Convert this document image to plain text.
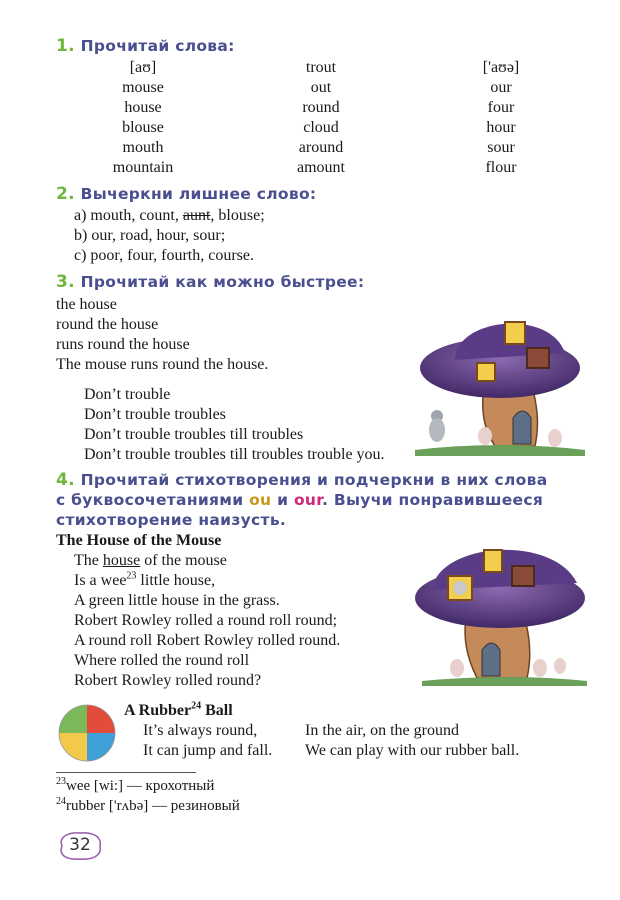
1. Прочитай слова:
[aʊ]
mouse
house
blouse
mouth
mountain
trout
out
round
cloud
around
amount
['aʊə]
our
four
hour
sour
flour
2. Вычеркни лишнее слово:
a) mouth, count, aunt, blouse;
b) our, road, hour, sour;
c) poor, four, fourth, course.
3. Прочитай как можно быстрее:
the house
round the house
runs round the house
The mouse runs round the house.
Don’t trouble
Don’t trouble troubles
Don’t trouble troubles till troubles
Don’t trouble troubles till troubles trouble you.
4. Прочитай стихотворения и подчеркни в них слова
с буквосочетаниями ou и our. Выучи понравившееся
стихотворение наизусть.
The House of the Mouse
The house of the mouse
Is a wee$^{23}$ little house,
A green little house in the grass.
Robert Rowley rolled a round roll round;
A round roll Robert Rowley rolled round.
Where rolled the round roll
Robert Rowley rolled round?
A Rubber$^{24}$ Ball
It’s always round,
It can jump and fall.
In the air, on the ground
We can play with our rubber ball.
$^{23}$wee [wi:] — крохотный
$^{24}$rubber ['rʌbə] — резиновый
32
